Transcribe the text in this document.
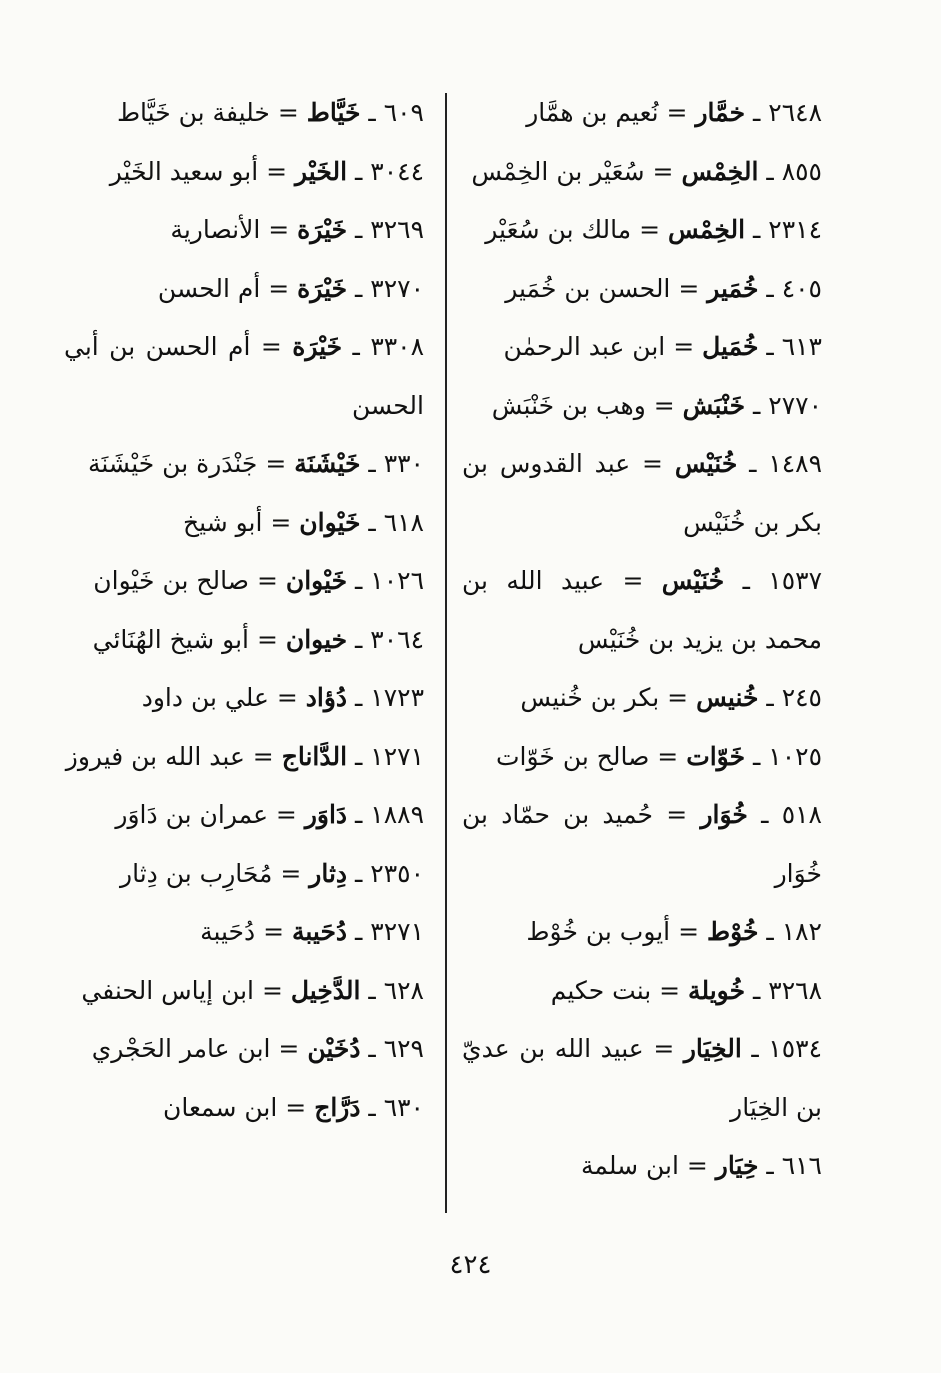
٢٦٤٨ ـ خمَّار = نُعيم بن همَّار

٨٥٥ ـ الخِمْس = سُعَيْر بن الخِمْس

٢٣١٤ ـ الخِمْس = مالك بن سُعَيْر

٤٠٥ ـ خُمَير = الحسن بن خُمَير

٦١٣ ـ خُمَيل = ابن عبد الرحمٰن

٢٧٧٠ ـ خَنْبَش = وهب بن خَنْبَش

١٤٨٩ ـ خُنَيْس = عبد القدوس بن بكر بن خُنَيْس

١٥٣٧ ـ خُنَيْس = عبيد الله بن محمد بن يزيد بن خُنَيْس

٢٤٥ ـ خُنيس = بكر بن خُنيس

١٠٢٥ ـ خَوّات = صالح بن خَوّات

٥١٨ ـ خُوَار = حُميد بن حمّاد بن خُوَار

١٨٢ ـ خُوْط = أيوب بن خُوْط

٣٢٦٨ ـ خُويلة = بنت حكيم

١٥٣٤ ـ الخِيَار = عبيد الله بن عديّ بن الخِيَار

٦١٦ ـ خِيَار = ابن سلمة

٦٠٩ ـ خَيَّاط = خليفة بن خَيَّاط

٣٠٤٤ ـ الخَيْر = أبو سعيد الخَيْر

٣٢٦٩ ـ خَيْرَة = الأنصارية

٣٢٧٠ ـ خَيْرَة = أم الحسن

٣٣٠٨ ـ خَيْرَة = أم الحسن بن أبي الحسن

٣٣٠ ـ خَيْشَنَة = جَنْدَرة بن خَيْشَنَة

٦١٨ ـ خَيْوان = أبو شيخ

١٠٢٦ ـ خَيْوان = صالح بن خَيْوان

٣٠٦٤ ـ خيوان = أبو شيخ الهُنَائي

١٧٢٣ ـ دُؤاد = علي بن داود

١٢٧١ ـ الدَّاناج = عبد الله بن فيروز

١٨٨٩ ـ دَاوَر = عمران بن دَاوَر

٢٣٥٠ ـ دِثار = مُحَارِب بن دِثار

٣٢٧١ ـ دُحَيبة = دُحَيبة

٦٢٨ ـ الدَّخِيل = ابن إياس الحنفي

٦٢٩ ـ دُخَيْن = ابن عامر الحَجْري

٦٣٠ ـ دَرَّاج = ابن سمعان

٤٢٤
